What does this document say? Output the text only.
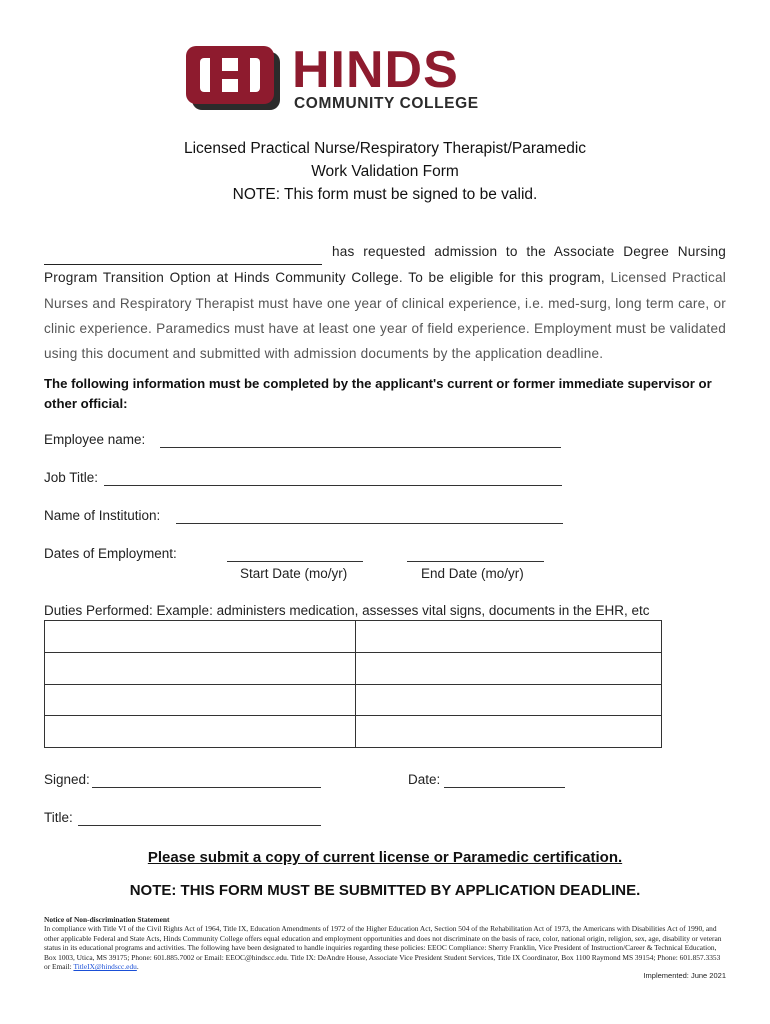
HINDS
COMMUNITY COLLEGE
Licensed Practical Nurse/Respiratory Therapist/Paramedic
Work Validation Form
NOTE: This form must be signed to be valid.

has requested admission to the Associate Degree Nursing
Program Transition Option at Hinds Community College. To be eligible for this program, Licensed Practical
Nurses and Respiratory Therapist must have one year of clinical experience, i.e. med-surg, long term care, or
clinic experience. Paramedics must have at least one year of field experience. Employment must be validated
using this document and submitted with admission documents by the application deadline.
The following information must be completed by the applicant's current or former immediate supervisor or other official:
Employee name:
Job Title:
Name of Institution:
Dates of Employment:
Start Date (mo/yr)	End Date (mo/yr)
Duties Performed: Example: administers medication, assesses vital signs, documents in the EHR, etc

Signed:	Date:
Title:
Please submit a copy of current license or Paramedic certification.
NOTE: THIS FORM MUST BE SUBMITTED BY APPLICATION DEADLINE.
Notice of Non-discrimination Statement
In compliance with Title VI of the Civil Rights Act of 1964, Title IX, Education Amendments of 1972 of the Higher Education Act, Section 504 of the Rehabilitation Act of 1973, the Americans with Disabilities Act of 1990, and other applicable Federal and State Acts, Hinds Community College offers equal education and employment opportunities and does not discriminate on the basis of race, color, national origin, religion, sex, age, disability or veteran status in its educational programs and activities. The following have been designated to handle inquiries regarding these policies: EEOC Compliance: Sherry Franklin, Vice President of Instruction/Career & Technical Education, Box 1003, Utica, MS 39175; Phone: 601.885.7002 or Email: EEOC@hindscc.edu. Title IX: DeAndre House, Associate Vice President Student Services, Title IX Coordinator, Box 1100 Raymond MS 39154; Phone: 601.857.3353 or Email: TitleIX@hindscc.edu.
Implemented: June 2021
